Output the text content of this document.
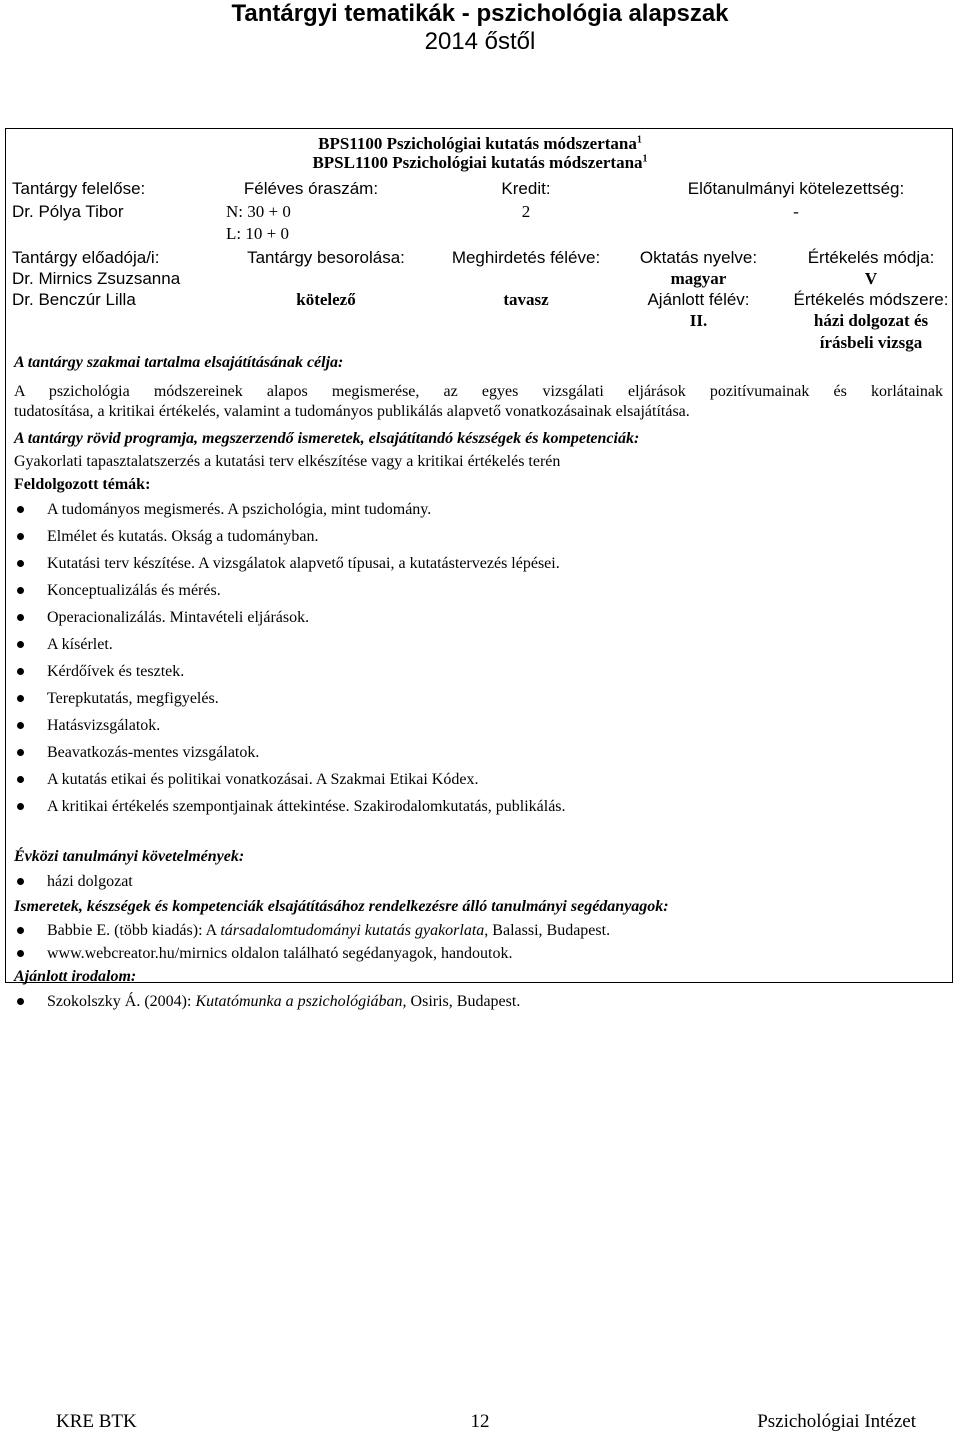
Tantárgyi tematikák - pszichológia alapszak
2014 őstől
BPS1100 Pszichológiai kutatás módszertana$^1$
BPSL1100 Pszichológiai kutatás módszertana$^1$
Tantárgy felelőse:
Dr. Pólya Tibor
Féléves óraszám:
N: 30 + 0
L: 10 + 0
Kredit:
2
Előtanulmányi kötelezettség:
-
Tantárgy előadója/i:
Dr. Mirnics Zsuzsanna
Dr. Benczúr Lilla
Tantárgy besorolása:
kötelező
Meghirdetés féléve:
tavasz
Oktatás nyelve:
magyar
Ajánlott félév:
II.
Értékelés módja:
V
Értékelés módszere:
házi dolgozat és
írásbeli vizsga
A tantárgy szakmai tartalma elsajátításának célja:
A pszichológia módszereinek alapos megismerése, az egyes vizsgálati eljárások pozitívumainak és korlátainak
tudatosítása, a kritikai értékelés, valamint a tudományos publikálás alapvető vonatkozásainak elsajátítása.
A tantárgy rövid programja, megszerzendő ismeretek, elsajátítandó készségek és kompetenciák:
Gyakorlati tapasztalatszerzés a kutatási terv elkészítése vagy a kritikai értékelés terén
Feldolgozott témák:
A tudományos megismerés. A pszichológia, mint tudomány.
Elmélet és kutatás. Okság a tudományban.
Kutatási terv készítése. A vizsgálatok alapvető típusai, a kutatástervezés lépései.
Konceptualizálás és mérés.
Operacionalizálás. Mintavételi eljárások.
A kísérlet.
Kérdőívek és tesztek.
Terepkutatás, megfigyelés.
Hatásvizsgálatok.
Beavatkozás-mentes vizsgálatok.
A kutatás etikai és politikai vonatkozásai. A Szakmai Etikai Kódex.
A kritikai értékelés szempontjainak áttekintése. Szakirodalomkutatás, publikálás.
Évközi tanulmányi követelmények:
házi dolgozat
Ismeretek, készségek és kompetenciák elsajátításához rendelkezésre álló tanulmányi segédanyagok:
Babbie E. (több kiadás): A társadalomtudományi kutatás gyakorlata, Balassi, Budapest.
www.webcreator.hu/mirnics oldalon található segédanyagok, handoutok.
Ajánlott irodalom:
Szokolszky Á. (2004): Kutatómunka a pszichológiában, Osiris, Budapest.
KRE BTK	12	Pszichológiai Intézet
